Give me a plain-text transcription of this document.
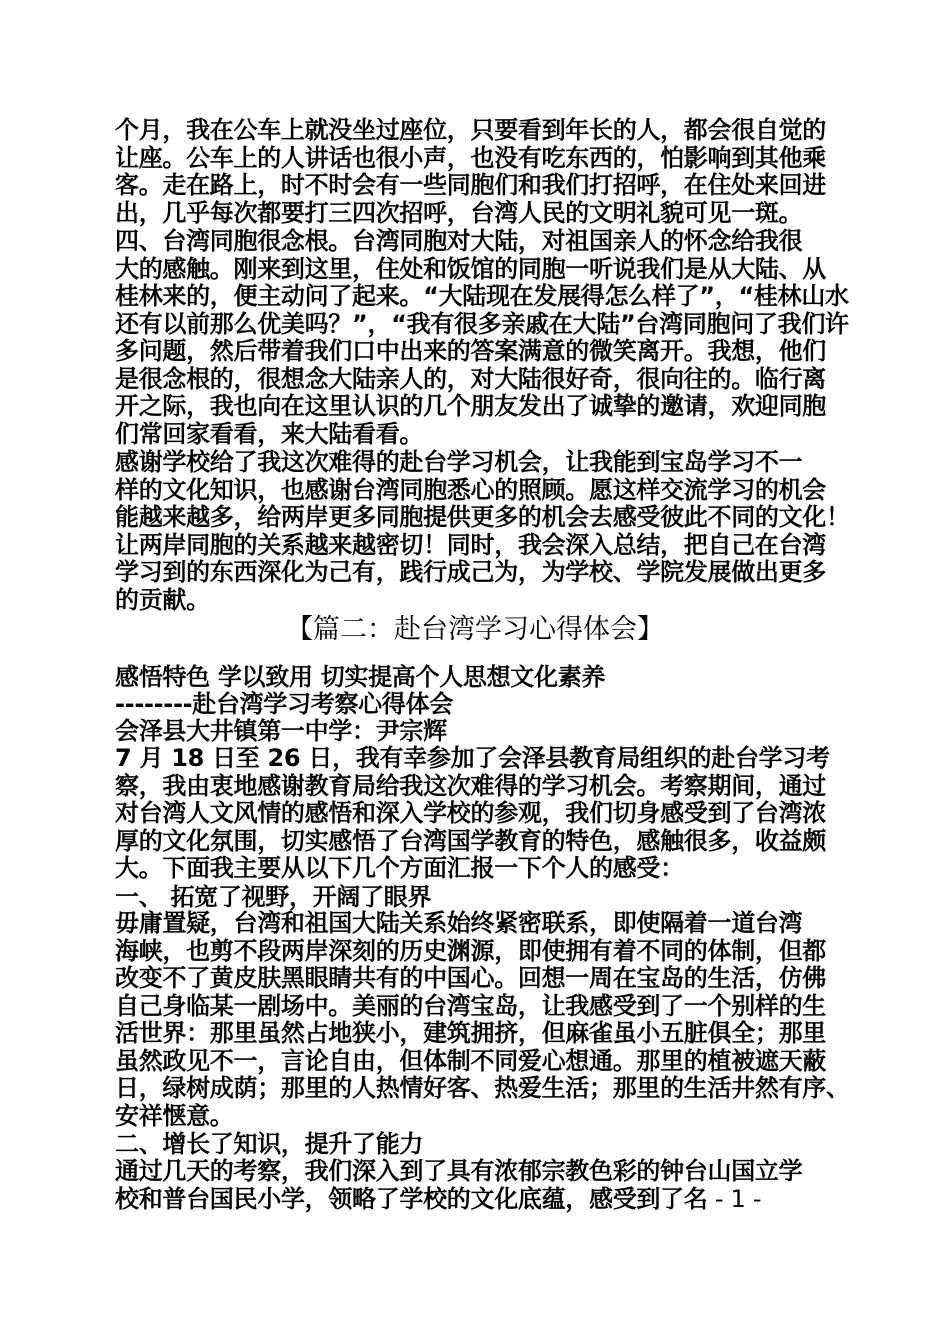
个月，我在公车上就没坐过座位，只要看到年长的人，都会很自觉的
让座。公车上的人讲话也很小声，也没有吃东西的，怕影响到其他乘
客。走在路上，时不时会有一些同胞们和我们打招呼，在住处来回进
出，几乎每次都要打三四次招呼，台湾人民的文明礼貌可见一斑。
四、台湾同胞很念根。台湾同胞对大陆，对祖国亲人的怀念给我很
大的感触。刚来到这里，住处和饭馆的同胞一听说我们是从大陆、从
桂林来的，便主动问了起来。“大陆现在发展得怎么样了”，“桂林山水
还有以前那么优美吗？”，“我有很多亲戚在大陆”台湾同胞问了我们许
多问题，然后带着我们口中出来的答案满意的微笑离开。我想，他们
是很念根的，很想念大陆亲人的，对大陆很好奇，很向往的。临行离
开之际，我也向在这里认识的几个朋友发出了诚挚的邀请，欢迎同胞
们常回家看看，来大陆看看。
感谢学校给了我这次难得的赴台学习机会，让我能到宝岛学习不一
样的文化知识，也感谢台湾同胞悉心的照顾。愿这样交流学习的机会
能越来越多，给两岸更多同胞提供更多的机会去感受彼此不同的文化！
让两岸同胞的关系越来越密切！同时，我会深入总结，把自己在台湾
学习到的东西深化为己有，践行成己为，为学校、学院发展做出更多
的贡献。
【篇二：赴台湾学习心得体会】
感悟特色 学以致用 切实提高个人思想文化素养
--------赴台湾学习考察心得体会
会泽县大井镇第一中学：尹宗辉
7 月 18 日至 26 日，我有幸参加了会泽县教育局组织的赴台学习考
察，我由衷地感谢教育局给我这次难得的学习机会。考察期间，通过
对台湾人文风情的感悟和深入学校的参观，我们切身感受到了台湾浓
厚的文化氛围，切实感悟了台湾国学教育的特色，感触很多，收益颇
大。下面我主要从以下几个方面汇报一下个人的感受：
一、 拓宽了视野，开阔了眼界
毋庸置疑，台湾和祖国大陆关系始终紧密联系，即使隔着一道台湾
海峡，也剪不段两岸深刻的历史渊源，即使拥有着不同的体制，但都
改变不了黄皮肤黑眼睛共有的中国心。回想一周在宝岛的生活，仿佛
自己身临某一剧场中。美丽的台湾宝岛，让我感受到了一个别样的生
活世界：那里虽然占地狭小，建筑拥挤，但麻雀虽小五脏俱全；那里
虽然政见不一，言论自由，但体制不同爱心想通。那里的植被遮天蔽
日，绿树成荫；那里的人热情好客、热爱生活；那里的生活井然有序、
安祥惬意。
二、增长了知识，提升了能力
通过几天的考察，我们深入到了具有浓郁宗教色彩的钟台山国立学
校和普台国民小学，领略了学校的文化底蕴，感受到了名 - 1 -
